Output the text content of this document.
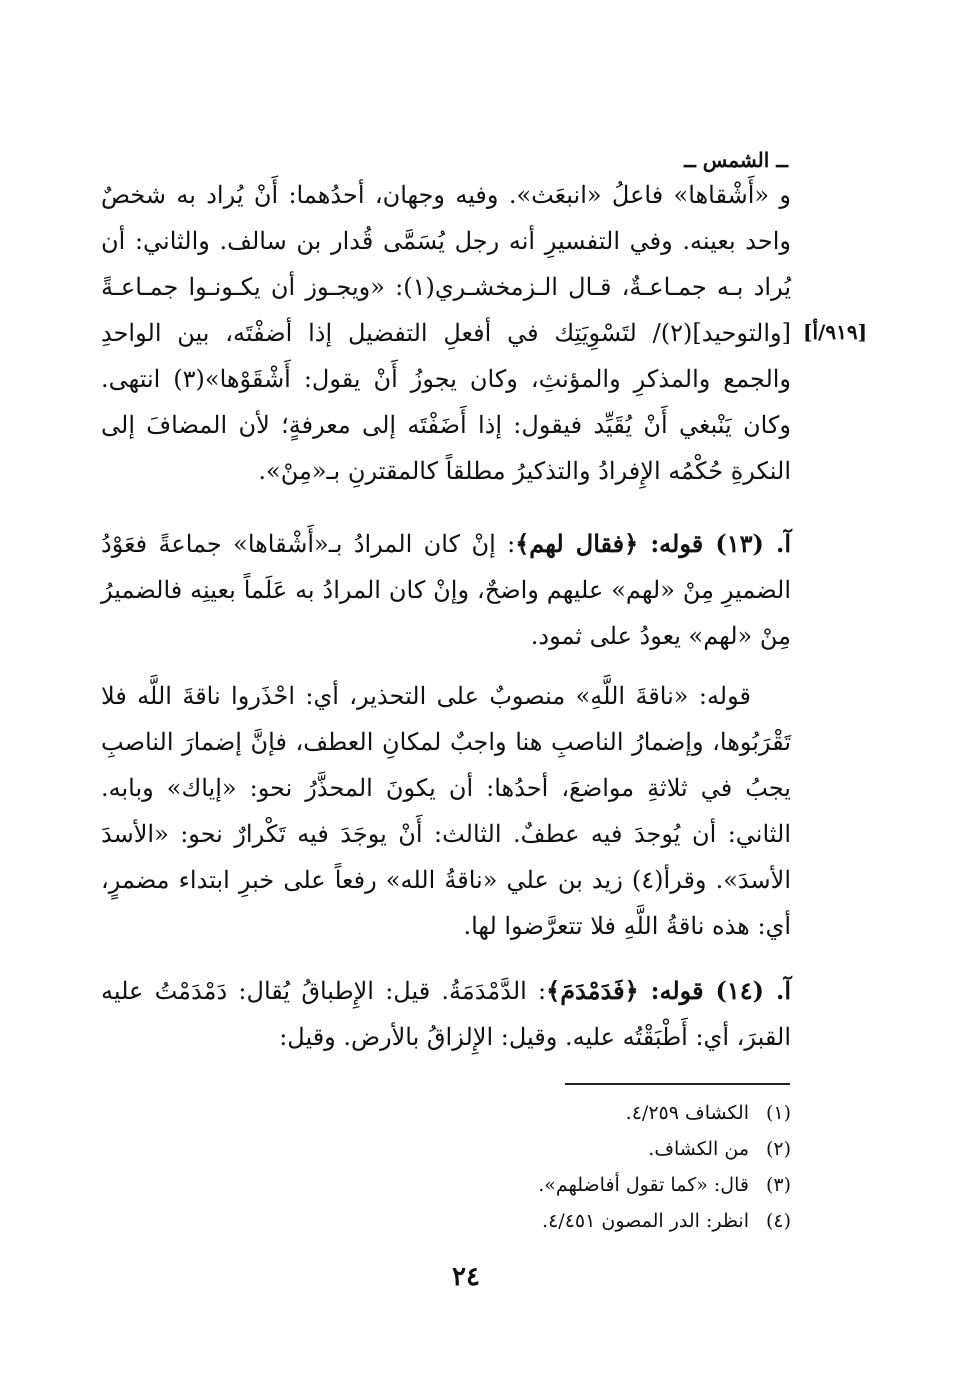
ــ الشمس ــ
[٩١٩/أ]

و «أَشْقاها» فاعلُ «انبعَث». وفيه وجهان، أحدُهما: أَنْ يُراد به شخصٌ واحد بعينه. وفي التفسيرِ أنه رجل يُسَمَّى قُدار بن سالف. والثاني: أن يُراد بـه جمـاعـةٌ، قـال الـزمخشـري(١): «ويجـوز أن يكـونـوا جمـاعـةً [والتوحيد](٢)/ لتَسْوِيَتِك في أفعلِ التفضيل إذا أضفْتَه، بين الواحدِ والجمع والمذكرِ والمؤنثِ، وكان يجوزُ أَنْ يقول: أَشْقَوْها»(٣) انتهى. وكان يَنْبغي أَنْ يُقَيِّد فيقول: إذا أَضَفْتَه إلى معرفةٍ؛ لأن المضافَ إلى النكرةِ حُكْمُه الإِفرادُ والتذكيرُ مطلقاً كالمقترنِ بـ«مِنْ».

آ. (١٣) قوله: ﴿فقال لهم﴾: إنْ كان المرادُ بـ«أَشْقاها» جماعةً فعَوْدُ الضميرِ مِنْ «لهم» عليهم واضحٌ، وإنْ كان المرادُ به عَلَماً بعينِه فالضميرُ مِنْ «لهم» يعودُ على ثمود.

قوله: «ناقةَ اللَّهِ» منصوبٌ على التحذير، أي: احْذَروا ناقةَ اللَّه فلا تَقْرَبُوها، وإضمارُ الناصبِ هنا واجبٌ لمكانِ العطف، فإنَّ إضمارَ الناصبِ يجبُ في ثلاثةِ مواضعَ، أحدُها: أن يكونَ المحذَّرُ نحو: «إياك» وبابه. الثاني: أن يُوجدَ فيه عطفٌ. الثالث: أَنْ يوجَدَ فيه تَكْرارٌ نحو: «الأسدَ الأسدَ». وقرأ(٤) زيد بن علي «ناقةُ الله» رفعاً على خبرِ ابتداء مضمرٍ، أي: هذه ناقةُ اللَّهِ فلا تتعرَّضوا لها.

آ. (١٤) قوله: ﴿فَدَمْدَمَ﴾: الدَّمْدَمَةُ. قيل: الإِطباقُ يُقال: دَمْدَمْتُ عليه القبرَ، أي: أَطْبَقْتُه عليه. وقيل: الإِلزاقُ بالأرض. وقيل:

(١)الكشاف ٤/٢٥٩.
(٢)من الكشاف.
(٣)قال: «كما تقول أفاضلهم».
(٤)انظر: الدر المصون ٤/٤٥١.
٢٤
